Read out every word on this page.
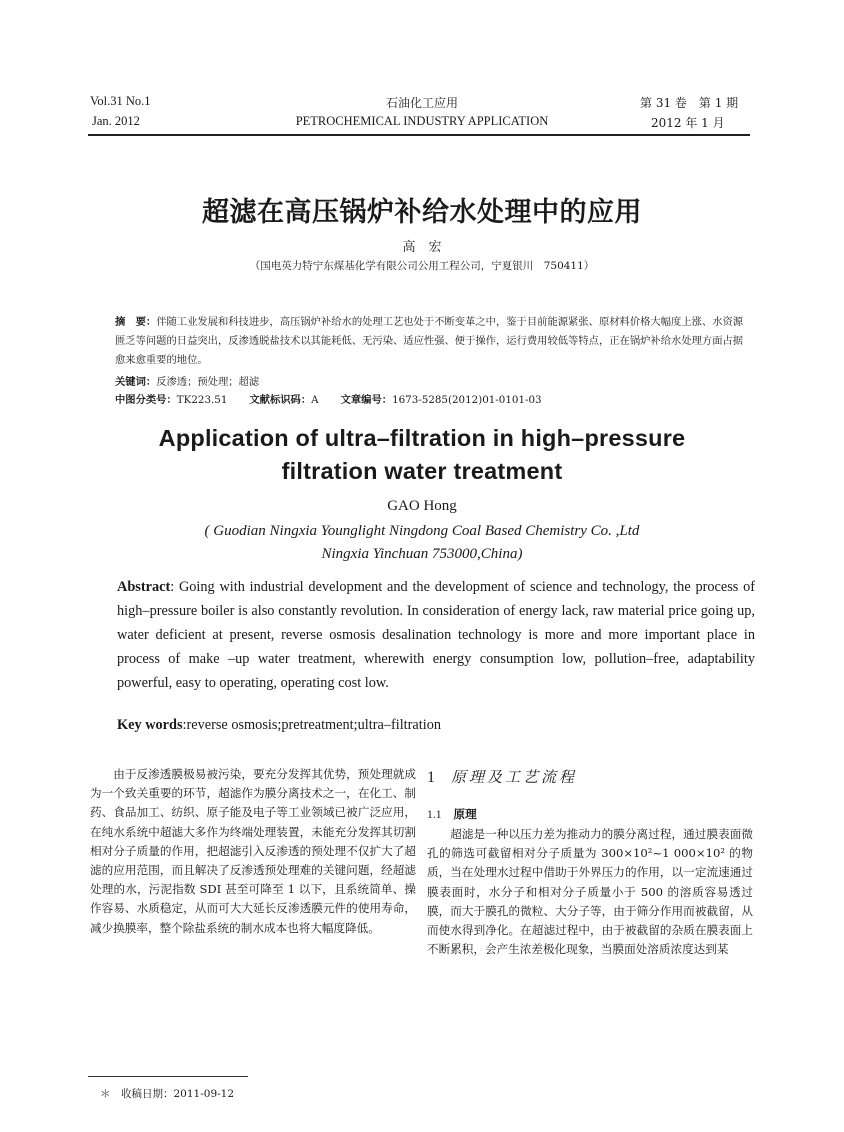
Vol.31 No.1
Jan. 2012
石油化工应用
PETROCHEMICAL INDUSTRY APPLICATION
第 31 卷　第 1 期
2012 年 1 月
超滤在高压锅炉补给水处理中的应用
高　宏
（国电英力特宁东煤基化学有限公司公用工程公司，宁夏银川　750411）
摘　要：伴随工业发展和科技进步，高压锅炉补给水的处理工艺也处于不断变革之中，鉴于目前能源紧张、原材料价格大幅度上涨、水资源匮乏等问题的日益突出，反渗透脱盐技术以其能耗低、无污染、适应性强、便于操作，运行费用较低等特点，正在锅炉补给水处理方面占据愈来愈重要的地位。
关键词：反渗透；预处理；超滤
中图分类号：TK223.51 文献标识码：A 文章编号：1673-5285(2012)01-0101-03
Application of ultra–filtration in high–pressure
filtration water treatment
GAO Hong
( Guodian Ningxia Younglight Ningdong Coal Based Chemistry Co. ,Ltd
Ningxia Yinchuan 753000,China)
Abstract: Going with industrial development and the development of science and technology, the process of high–pressure boiler is also constantly revolution. In consideration of energy lack, raw material price going up, water deficient at present, reverse osmosis desalination technology is more and more important place in process of make –up water treatment, wherewith energy consumption low, pollution–free, adaptability powerful, easy to operating, operating cost low.
Key words:reverse osmosis;pretreatment;ultra–filtration

由于反渗透膜极易被污染，要充分发挥其优势，预处理就成为一个致关重要的环节，超滤作为膜分离技术之一，在化工、制药、食品加工、纺织、原子能及电子等工业领域已被广泛应用，在纯水系统中超滤大多作为终端处理装置，未能充分发挥其切割相对分子质量的作用，把超滤引入反渗透的预处理不仅扩大了超滤的应用范围，而且解决了反渗透预处理难的关键问题，经超滤处理的水，污泥指数 SDI 甚至可降至 1 以下，且系统简单、操作容易、水质稳定，从而可大大延长反渗透膜元件的使用寿命，减少换膜率，整个除盐系统的制水成本也将大幅度降低。

1 原理及工艺流程
1.1 原理

超滤是一种以压力差为推动力的膜分离过程，通过膜表面微孔的筛选可截留相对分子质量为 300×10²~1 000×10² 的物质，当在处理水过程中借助于外界压力的作用，以一定流速通过膜表面时，水分子和相对分子质量小于 500 的溶质容易透过膜，而大于膜孔的微粒、大分子等，由于筛分作用而被截留，从而使水得到净化。在超滤过程中，由于被截留的杂质在膜表面上不断累积，会产生浓差极化现象，当膜面处溶质浓度达到某

＊　收稿日期：2011-09-12
